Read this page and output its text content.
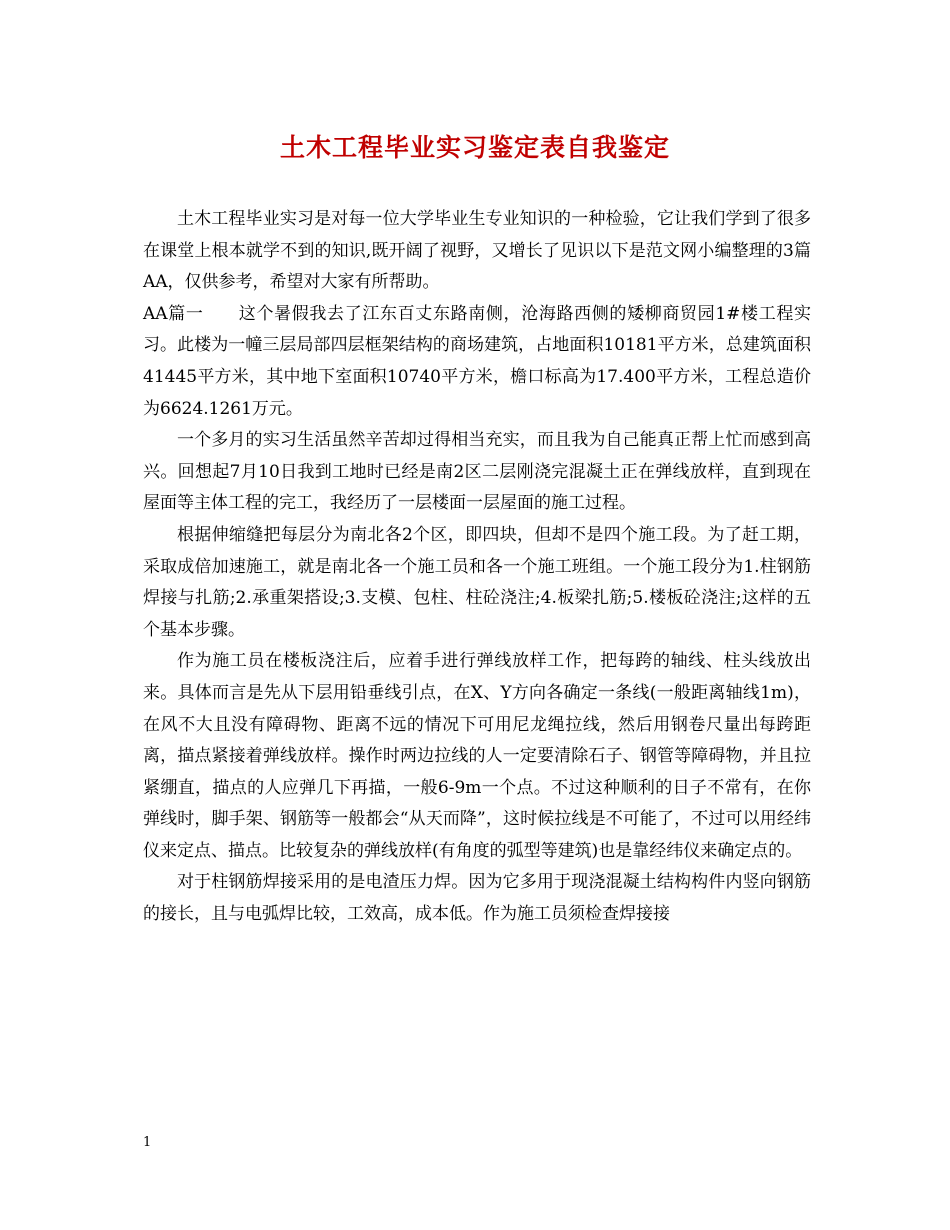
土木工程毕业实习鉴定表自我鉴定

土木工程毕业实习是对每一位大学毕业生专业知识的一种检验，它让我们学到了很多在课堂上根本就学不到的知识,既开阔了视野，又增长了见识以下是范文网小编整理的3篇AA，仅供参考，希望对大家有所帮助。

AA篇一　　这个暑假我去了江东百丈东路南侧，沧海路西侧的矮柳商贸园1#楼工程实习。此楼为一幢三层局部四层框架结构的商场建筑，占地面积10181平方米，总建筑面积41445平方米，其中地下室面积10740平方米，檐口标高为17.400平方米，工程总造价为6624.1261万元。

一个多月的实习生活虽然辛苦却过得相当充实，而且我为自己能真正帮上忙而感到高兴。回想起7月10日我到工地时已经是南2区二层刚浇完混凝土正在弹线放样，直到现在屋面等主体工程的完工，我经历了一层楼面一层屋面的施工过程。

根据伸缩缝把每层分为南北各2个区，即四块，但却不是四个施工段。为了赶工期，采取成倍加速施工，就是南北各一个施工员和各一个施工班组。一个施工段分为1.柱钢筋焊接与扎筋;2.承重架搭设;3.支模、包柱、柱砼浇注;4.板梁扎筋;5.楼板砼浇注;这样的五个基本步骤。

作为施工员在楼板浇注后，应着手进行弹线放样工作，把每跨的轴线、柱头线放出来。具体而言是先从下层用铅垂线引点，在X、Y方向各确定一条线(一般距离轴线1m)，在风不大且没有障碍物、距离不远的情况下可用尼龙绳拉线，然后用钢卷尺量出每跨距离，描点紧接着弹线放样。操作时两边拉线的人一定要清除石子、钢管等障碍物，并且拉紧绷直，描点的人应弹几下再描，一般6-9m一个点。不过这种顺利的日子不常有，在你弹线时，脚手架、钢筋等一般都会“从天而降”，这时候拉线是不可能了，不过可以用经纬仪来定点、描点。比较复杂的弹线放样(有角度的弧型等建筑)也是靠经纬仪来确定点的。

对于柱钢筋焊接采用的是电渣压力焊。因为它多用于现浇混凝土结构构件内竖向钢筋的接长，且与电弧焊比较，工效高，成本低。作为施工员须检查焊接接

1
